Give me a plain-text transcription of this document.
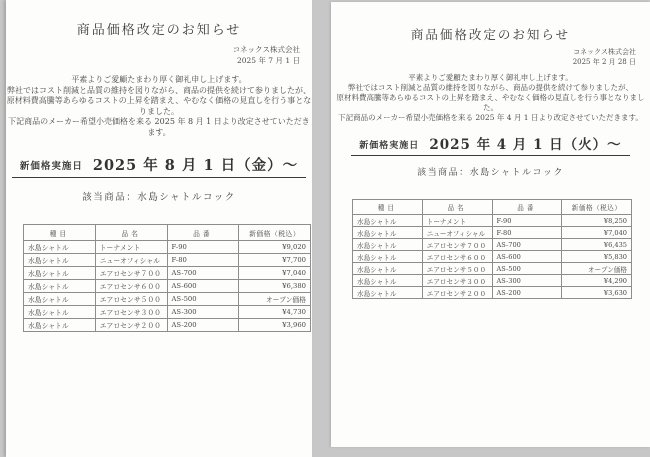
商品価格改定のお知らせ
コネックス株式会社
2025 年 7 月 1 日
平素よりご愛顧たまわり厚く御礼申し上げます。
弊社ではコスト削減と品質の維持を図りながら、商品の提供を続けて参りましたが、
原材料費高騰等あらゆるコストの上昇を踏まえ、やむなく価格の見直しを行う事となりました。
下記商品のメーカー希望小売価格を来る 2025 年 8 月 1 日より改定させていただきます。
新価格実施日 2025 年 8 月 1 日（金）～
該当商品：水島シャトルコック
種目	品名	品番	新価格（税込）
水島シャトル	トーナメント	F-90	¥9,020
水島シャトル	ニューオフィシャル	F-80	¥7,700
水島シャトル	エアロセンサ７００	AS-700	¥7,040
水島シャトル	エアロセンサ６００	AS-600	¥6,380
水島シャトル	エアロセンサ５００	AS-500	オープン価格
水島シャトル	エアロセンサ３００	AS-300	¥4,730
水島シャトル	エアロセンサ２００	AS-200	¥3,960
商品価格改定のお知らせ
コネックス株式会社
2025 年 2 月 28 日
平素よりご愛顧たまわり厚く御礼申し上げます。
弊社ではコスト削減と品質の維持を図りながら、商品の提供を続けて参りましたが、
原材料費高騰等あらゆるコストの上昇を踏まえ、やむなく価格の見直しを行う事となりました。
下記商品のメーカー希望小売価格を来る 2025 年 4 月 1 日より改定させていただきます。
新価格実施日 2025 年 4 月 1 日（火）～
該当商品：水島シャトルコック
種目	品名	品番	新価格（税込）
水島シャトル	トーナメント	F-90	¥8,250
水島シャトル	ニューオフィシャル	F-80	¥7,040
水島シャトル	エアロセンサ７００	AS-700	¥6,435
水島シャトル	エアロセンサ６００	AS-600	¥5,830
水島シャトル	エアロセンサ５００	AS-500	オープン価格
水島シャトル	エアロセンサ３００	AS-300	¥4,290
水島シャトル	エアロセンサ２００	AS-200	¥3,630
